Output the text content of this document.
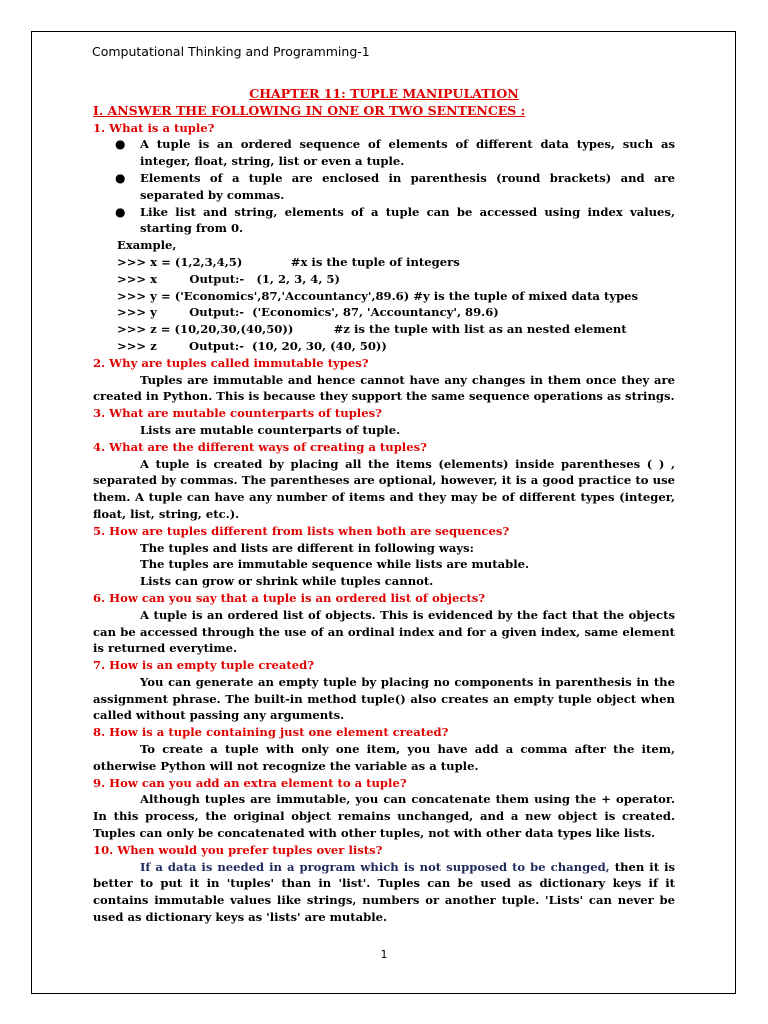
Computational Thinking and Programming-1
CHAPTER 11: TUPLE MANIPULATION
I. ANSWER THE FOLLOWING IN ONE OR TWO SENTENCES :
1. What is a tuple?
● A tuple is an ordered sequence of elements of different data types, such as integer, float, string, list or even a tuple.
● Elements of a tuple are enclosed in parenthesis (round brackets) and are separated by commas.
● Like list and string, elements of a tuple can be accessed using index values, starting from 0.
Example,
>>> x = (1,2,3,4,5)            #x is the tuple of integers
>>> x        Output:-   (1, 2, 3, 4, 5)
>>> y = ('Economics',87,'Accountancy',89.6) #y is the tuple of mixed data types
>>> y        Output:-  ('Economics', 87, 'Accountancy', 89.6)
>>> z = (10,20,30,(40,50))          #z is the tuple with list as an nested element
>>> z        Output:-  (10, 20, 30, (40, 50))
2. Why are tuples called immutable types?
Tuples are immutable and hence cannot have any changes in them once they are created in Python. This is because they support the same sequence operations as strings.
3. What are mutable counterparts of tuples?
Lists are mutable counterparts of tuple.
4. What are the different ways of creating a tuples?
A tuple is created by placing all the items (elements) inside parentheses ( ) , separated by commas. The parentheses are optional, however, it is a good practice to use them. A tuple can have any number of items and they may be of different types (integer, float, list, string, etc.).
5. How are tuples different from lists when both are sequences?
The tuples and lists are different in following ways:
The tuples are immutable sequence while lists are mutable.
Lists can grow or shrink while tuples cannot.
6. How can you say that a tuple is an ordered list of objects?
A tuple is an ordered list of objects. This is evidenced by the fact that the objects can be accessed through the use of an ordinal index and for a given index, same element is returned everytime.
7. How is an empty tuple created?
You can generate an empty tuple by placing no components in parenthesis in the assignment phrase. The built-in method tuple() also creates an empty tuple object when called without passing any arguments.
8. How is a tuple containing just one element created?
To create a tuple with only one item, you have add a comma after the item, otherwise Python will not recognize the variable as a tuple.
9. How can you add an extra element to a tuple?
Although tuples are immutable, you can concatenate them using the + operator. In this process, the original object remains unchanged, and a new object is created. Tuples can only be concatenated with other tuples, not with other data types like lists.
10. When would you prefer tuples over lists?
If a data is needed in a program which is not supposed to be changed, then it is better to put it in 'tuples' than in 'list'. Tuples can be used as dictionary keys if it contains immutable values like strings, numbers or another tuple. 'Lists' can never be used as dictionary keys as 'lists' are mutable.
1
